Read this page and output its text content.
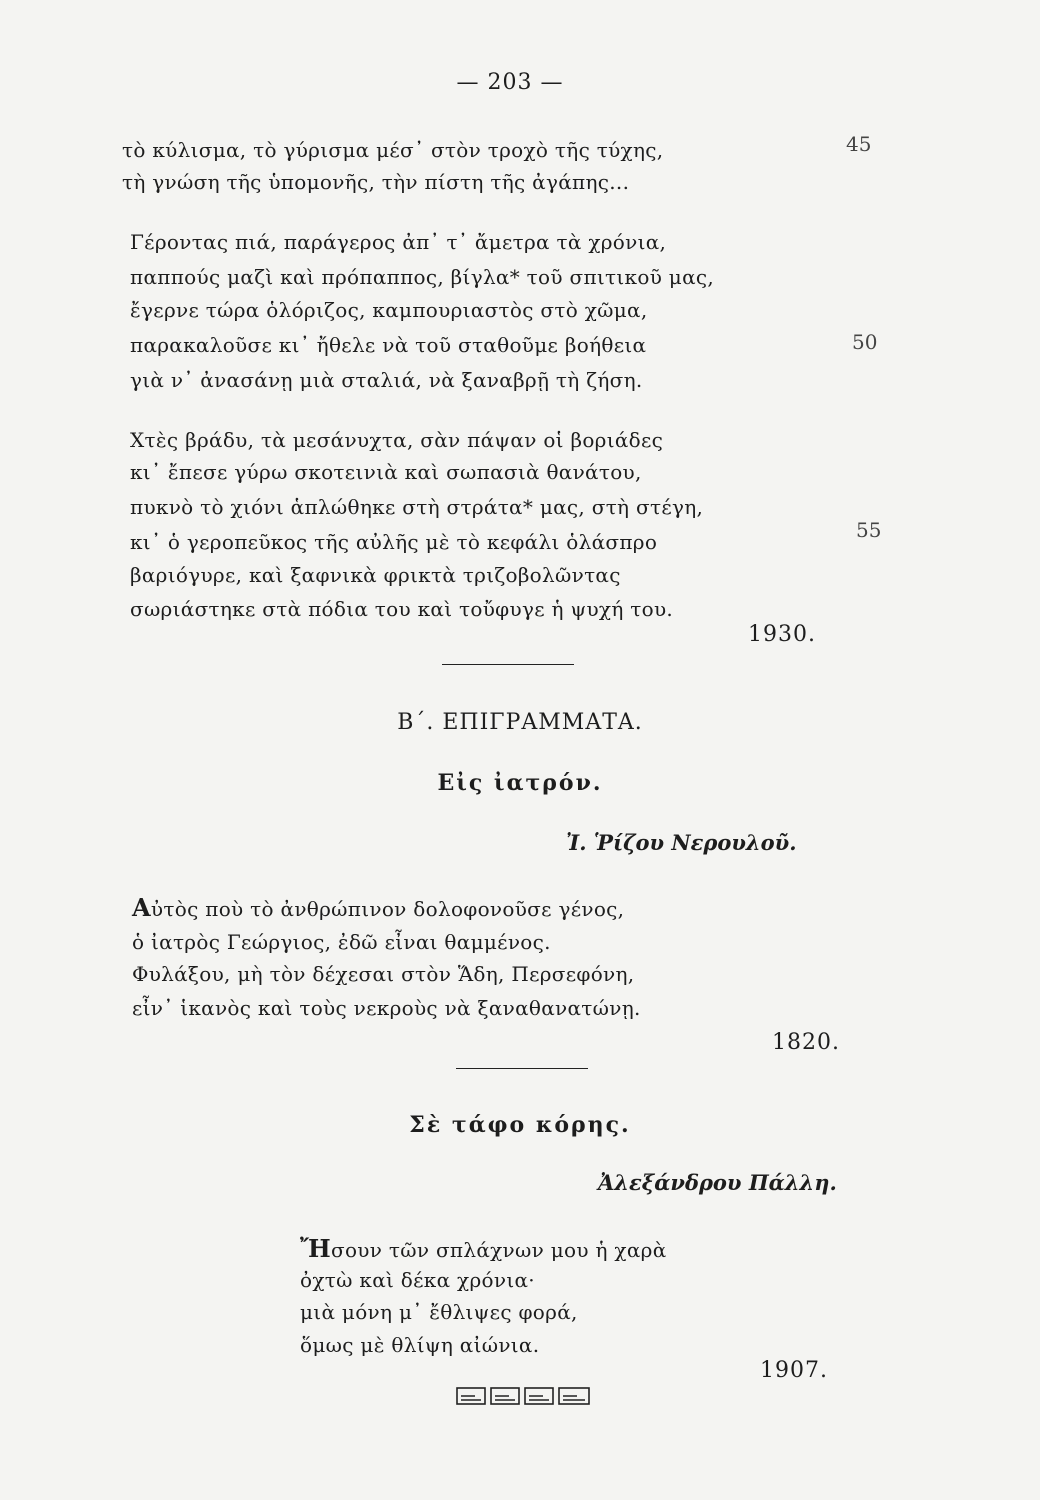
— 203 —
τὸ κύλισμα, τὸ γύρισμα μέσ᾽ στὸν τροχὸ τῆς τύχης,
τὴ γνώση τῆς ὑπομονῆς, τὴν πίστη τῆς ἀγάπης...
45
Γέροντας πιά, παράγερος ἀπ᾽ τ᾽ ἄμετρα τὰ χρόνια,
παππούς μαζὶ καὶ πρόπαππος, βίγλα* τοῦ σπιτικοῦ μας,
ἔγερνε τώρα ὁλόριζος, καμπουριαστὸς στὸ χῶμα,
παρακαλοῦσε κι᾽ ἤθελε νὰ τοῦ σταθοῦμε βοήθεια
γιὰ ν᾽ ἀνασάνῃ μιὰ σταλιά, νὰ ξαναβρῇ τὴ ζήση.
50
Χτὲς βράδυ, τὰ μεσάνυχτα, σὰν πάψαν οἱ βοριάδες
κι᾽ ἔπεσε γύρω σκοτεινιὰ καὶ σωπασιὰ θανάτου,
πυκνὸ τὸ χιόνι ἁπλώθηκε στὴ στράτα* μας, στὴ στέγη,
κι᾽ ὁ γεροπεῦκος τῆς αὐλῆς μὲ τὸ κεφάλι ὁλάσπρο
βαριόγυρε, καὶ ξαφνικὰ φρικτὰ τριζοβολῶντας
σωριάστηκε στὰ πόδια του καὶ τοὔφυγε ἡ ψυχή του.
55
1930.
Β΄. ΕΠΙΓΡΑΜΜΑΤΑ.
Εἰς ἰατρόν.
Ἰ. Ῥίζου Νερουλοῦ.
Αὐτὸς ποὺ τὸ ἀνθρώπινον δολοφονοῦσε γένος,
ὁ ἰατρὸς Γεώργιος, ἐδῶ εἶναι θαμμένος.
Φυλάξου, μὴ τὸν δέχεσαι στὸν Ἅδη, Περσεφόνη,
εἶν᾽ ἱκανὸς καὶ τοὺς νεκροὺς νὰ ξαναθανατώνῃ.
1820.
Σὲ τάφο κόρης.
Ἀλεξάνδρου Πάλλη.
Ἤσουν τῶν σπλάχνων μου ἡ χαρὰ
ὀχτὼ καὶ δέκα χρόνια·
μιὰ μόνη μ᾽ ἔθλιψες φορά,
ὅμως μὲ θλίψη αἰώνια.
1907.
